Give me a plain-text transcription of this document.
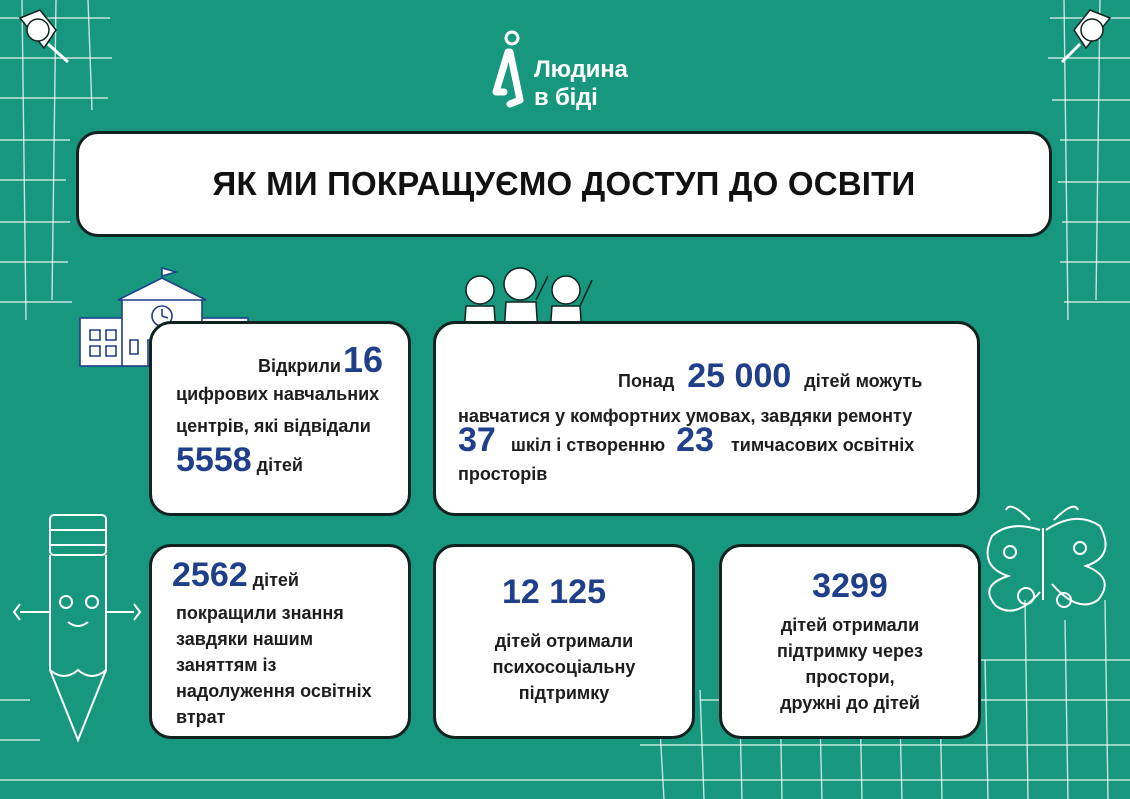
Людина
в біді
ЯК МИ ПОКРАЩУЄМО ДОСТУП ДО ОСВІТИ
Відкрили16
цифрових навчальних
центрів, які відвідали
5558 дітей
Понад 25 000 дітей можуть
навчатися у комфортних умовах, завдяки ремонту
37 шкіл і створенню 23 тимчасових освітніх
просторів
2562 дітей
покращили знання
завдяки нашим
заняттям із
надолуження освітніх
втрат
12 125
дітей отримали
психосоціальну
підтримку
3299
дітей отримали
підтримку через
простори,
дружні до дітей
